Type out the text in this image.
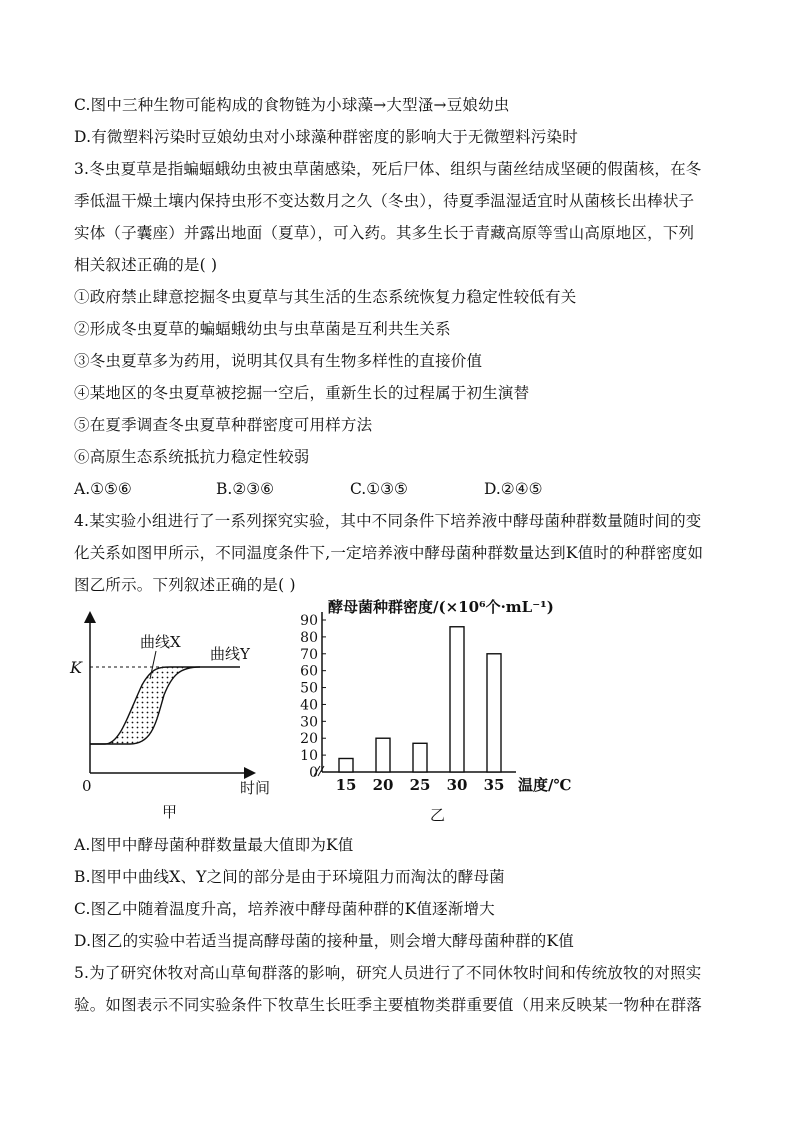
C.图中三种生物可能构成的食物链为小球藻→大型溞→豆娘幼虫
D.有微塑料污染时豆娘幼虫对小球藻种群密度的影响大于无微塑料污染时
3.冬虫夏草是指蝙蝠蛾幼虫被虫草菌感染，死后尸体、组织与菌丝结成坚硬的假菌核，在冬
季低温干燥土壤内保持虫形不变达数月之久（冬虫），待夏季温湿适宜时从菌核长出棒状子
实体（子囊座）并露出地面（夏草），可入药。其多生长于青藏高原等雪山高原地区，下列
相关叙述正确的是( )
①政府禁止肆意挖掘冬虫夏草与其生活的生态系统恢复力稳定性较低有关
②形成冬虫夏草的蝙蝠蛾幼虫与虫草菌是互利共生关系
③冬虫夏草多为药用，说明其仅具有生物多样性的直接价值
④某地区的冬虫夏草被挖掘一空后，重新生长的过程属于初生演替
⑤在夏季调查冬虫夏草种群密度可用样方法
⑥高原生态系统抵抗力稳定性较弱
A.①⑤⑥	B.②③⑥	C.①③⑤	D.②④⑤
4.某实验小组进行了一系列探究实验，其中不同条件下培养液中酵母菌种群数量随时间的变
化关系如图甲所示，不同温度条件下,一定培养液中酵母菌种群数量达到K值时的种群密度如
图乙所示。下列叙述正确的是( )
K
曲线X
曲线Y
0	时间
甲
酵母菌种群密度/(×10⁶个·mL⁻¹)
0
10
20
30
40
50
60
70
80
90
15 20 25 30 35 温度/℃
乙
A.图甲中酵母菌种群数量最大值即为K值
B.图甲中曲线X、Y之间的部分是由于环境阻力而淘汰的酵母菌
C.图乙中随着温度升高，培养液中酵母菌种群的K值逐渐增大
D.图乙的实验中若适当提高酵母菌的接种量，则会增大酵母菌种群的K值
5.为了研究休牧对高山草甸群落的影响，研究人员进行了不同休牧时间和传统放牧的对照实
验。如图表示不同实验条件下牧草生长旺季主要植物类群重要值（用来反映某一物种在群落
